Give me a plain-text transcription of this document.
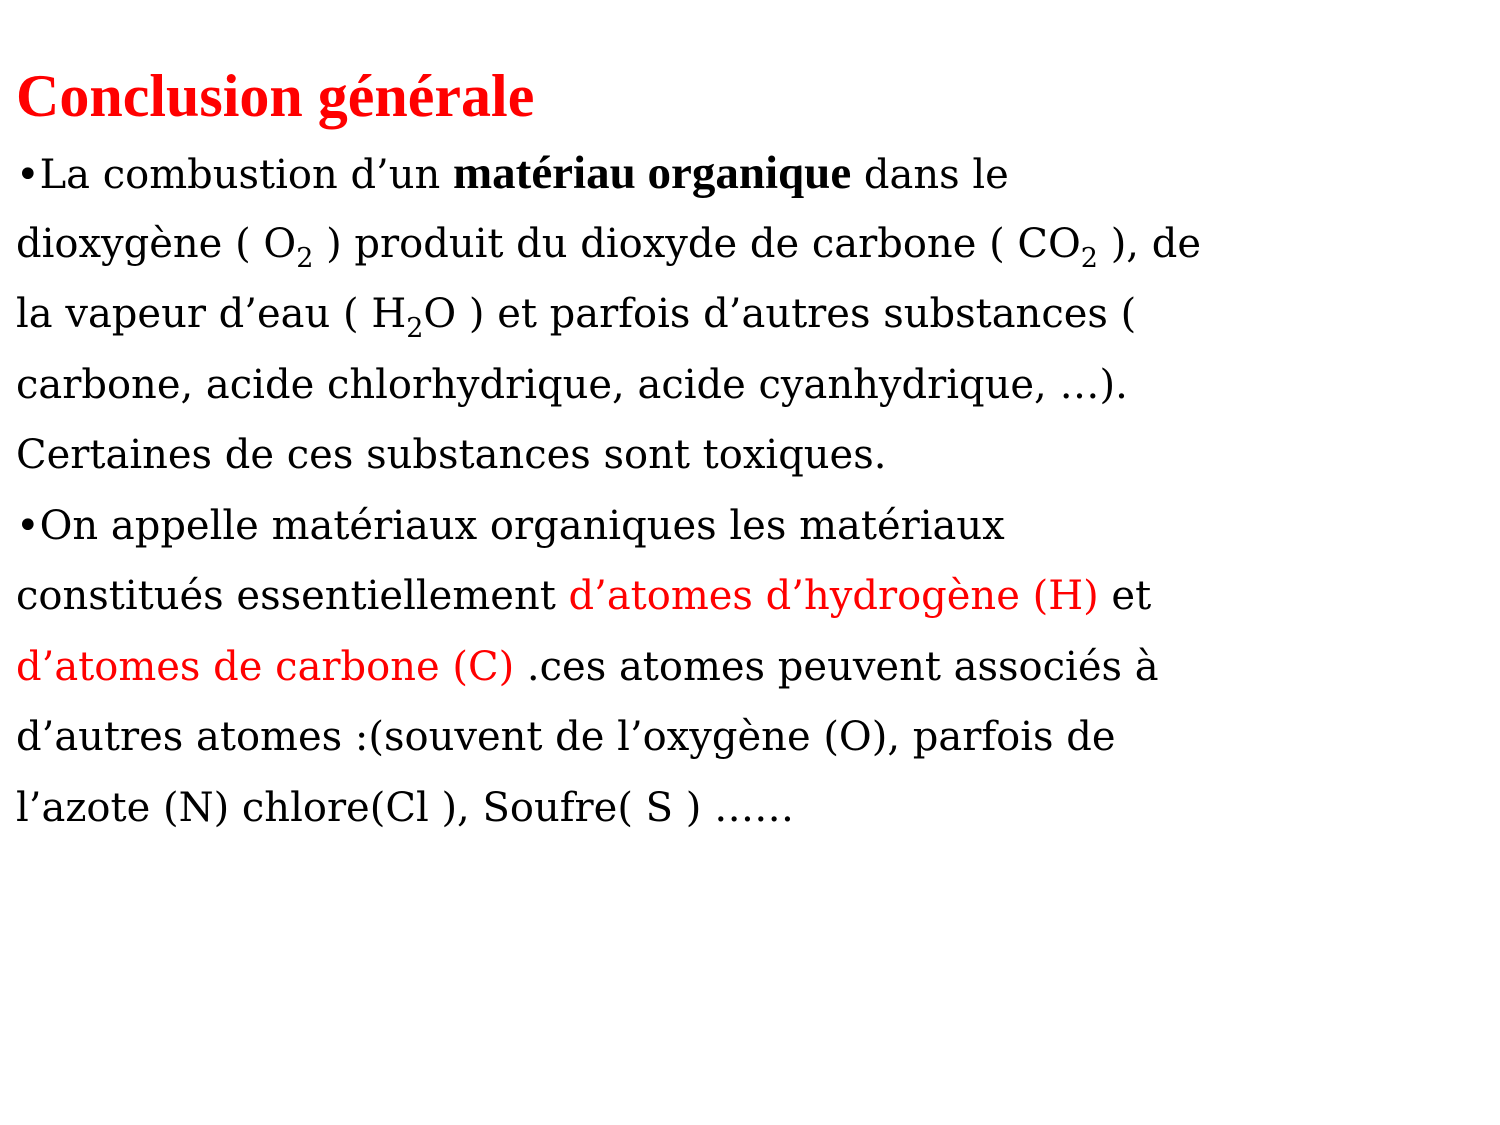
Conclusion générale
•La combustion d’un matériau organique dans le
dioxygène ( $O_2$ ) produit du dioxyde de carbone ( $CO_2$ ), de
la vapeur d’eau ( $H_2O$ ) et parfois d’autres substances (
carbone, acide chlorhydrique, acide cyanhydrique, …).
Certaines de ces substances sont toxiques.
•On appelle matériaux organiques les matériaux
constitués essentiellement d’atomes d’hydrogène (H) et
d’atomes de carbone (C) .ces atomes peuvent associés à
d’autres atomes :(souvent de l’oxygène (O), parfois de
l’azote (N) chlore(Cl ), Soufre( S ) ……
